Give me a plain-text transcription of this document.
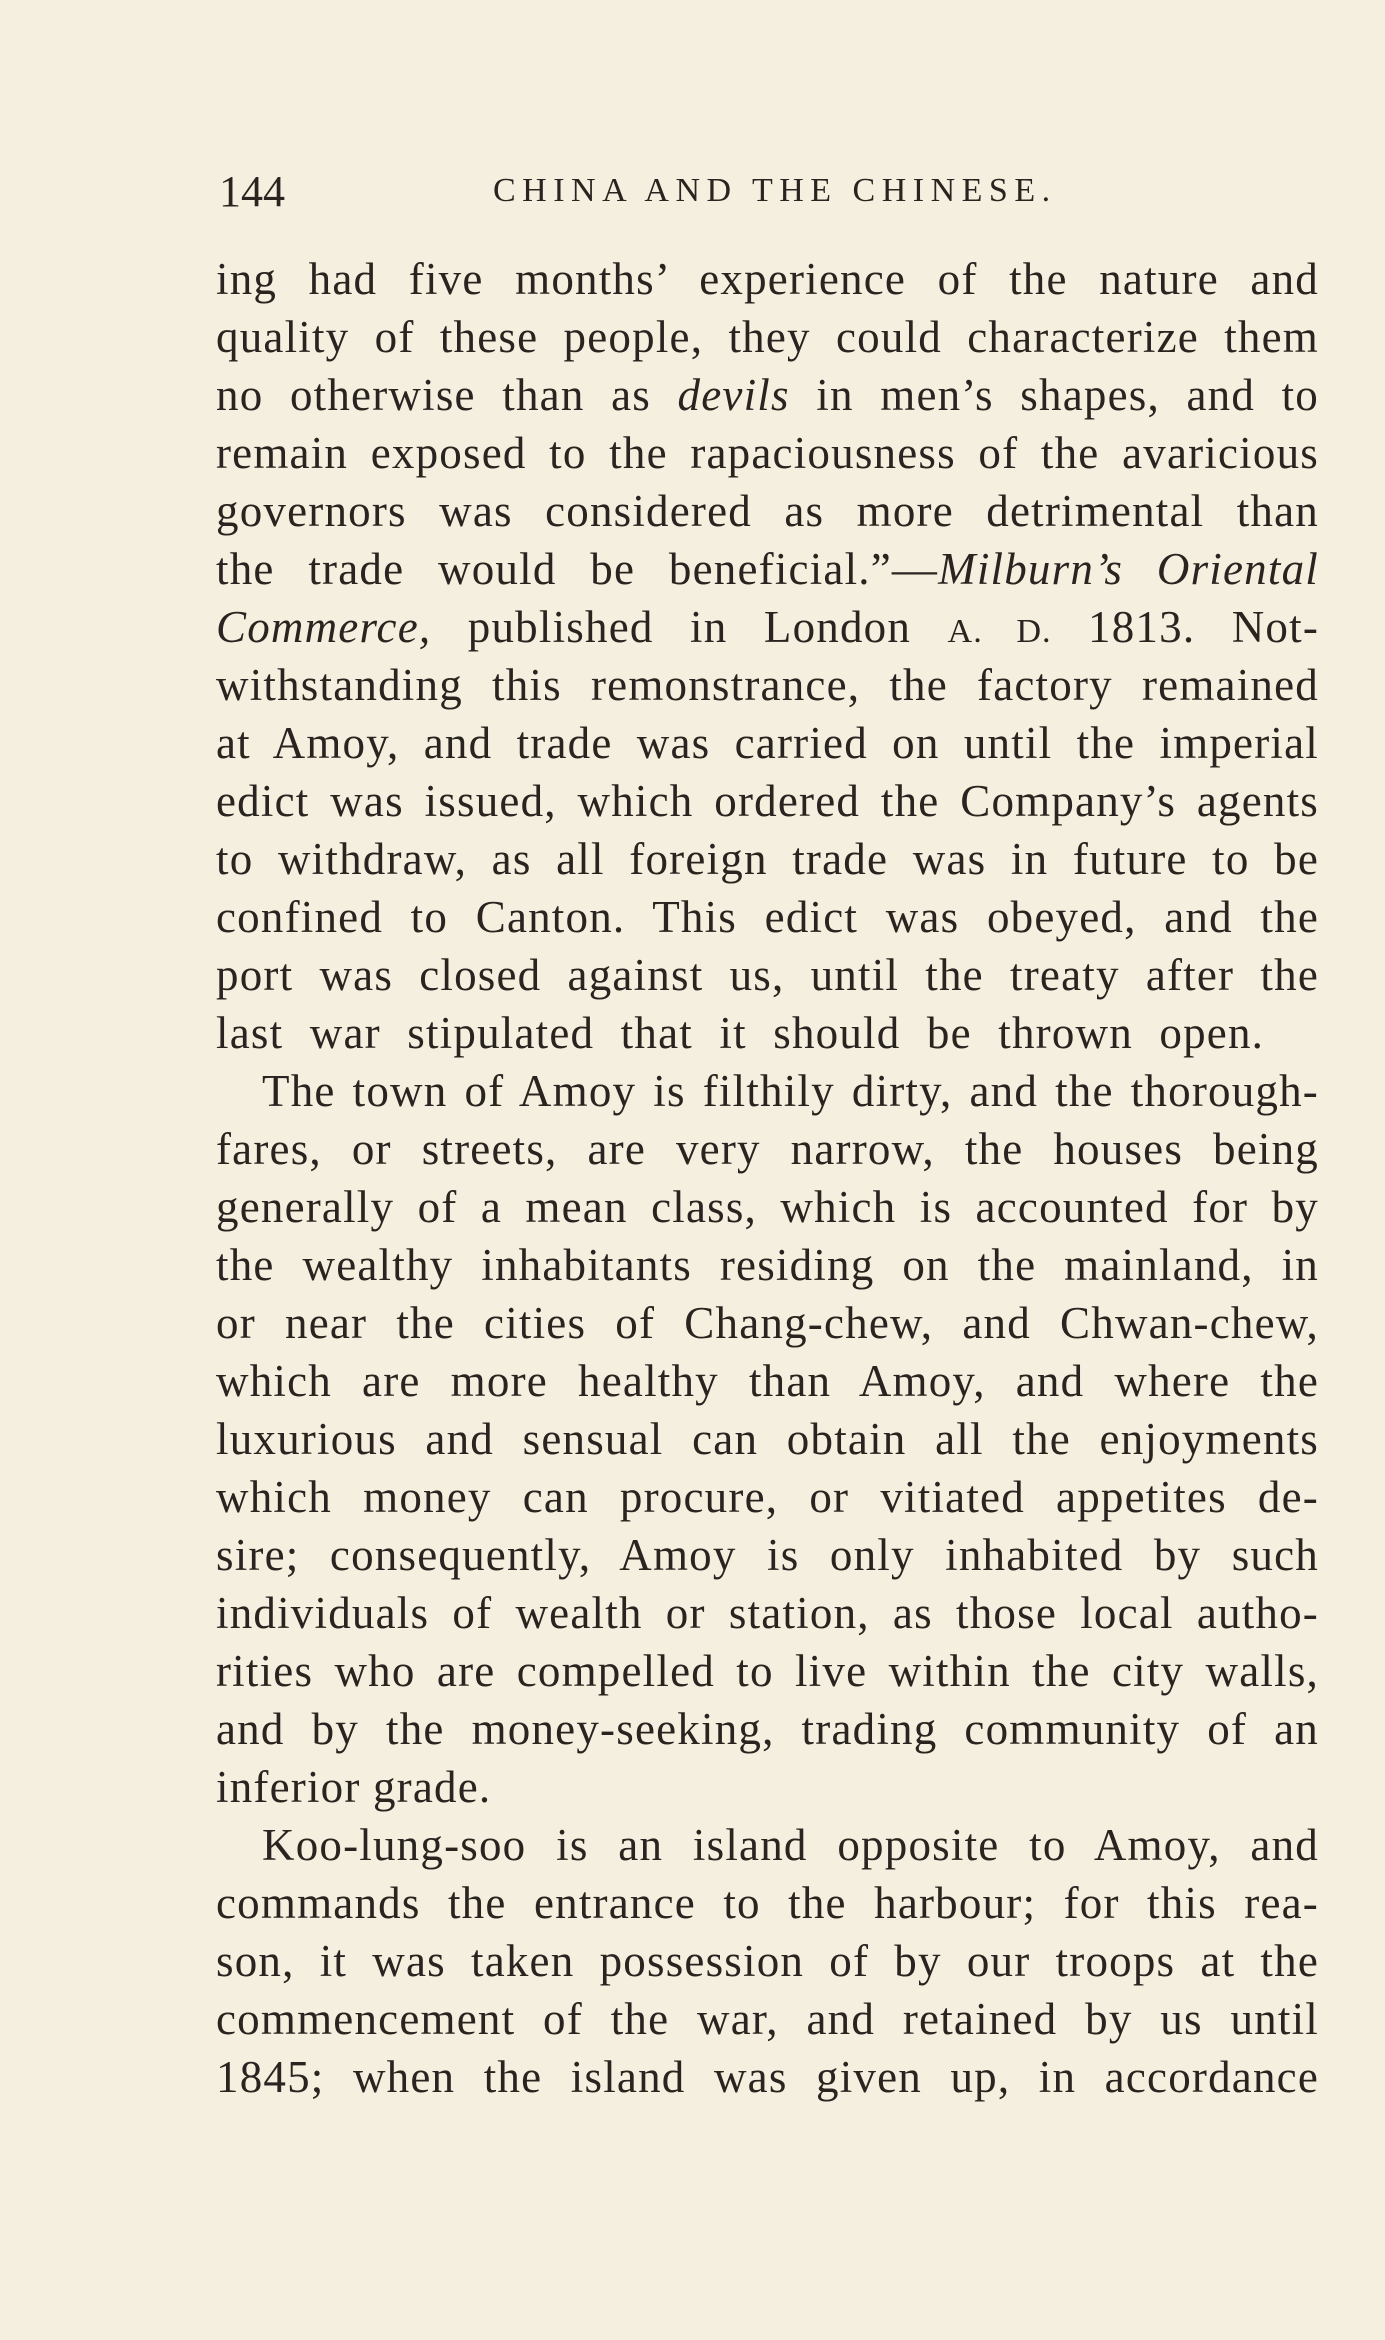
144	CHINA AND THE CHINESE.
ing had five months’ experience of the nature and
quality of these people, they could characterize them
no otherwise than as devils in men’s shapes, and to
remain exposed to the rapaciousness of the avaricious
governors was considered as more detrimental than
the trade would be beneficial.”—Milburn’s Oriental
Commerce, published in London A. D. 1813. Not-
withstanding this remonstrance, the factory remained
at Amoy, and trade was carried on until the imperial
edict was issued, which ordered the Company’s agents
to withdraw, as all foreign trade was in future to be
confined to Canton. This edict was obeyed, and the
port was closed against us, until the treaty after the
last war stipulated that it should be thrown open.
The town of Amoy is filthily dirty, and the thorough-
fares, or streets, are very narrow, the houses being
generally of a mean class, which is accounted for by
the wealthy inhabitants residing on the mainland, in
or near the cities of Chang-chew, and Chwan-chew,
which are more healthy than Amoy, and where the
luxurious and sensual can obtain all the enjoyments
which money can procure, or vitiated appetites de-
sire; consequently, Amoy is only inhabited by such
individuals of wealth or station, as those local autho-
rities who are compelled to live within the city walls,
and by the money-seeking, trading community of an
inferior grade.
Koo-lung-soo is an island opposite to Amoy, and
commands the entrance to the harbour; for this rea-
son, it was taken possession of by our troops at the
commencement of the war, and retained by us until
1845; when the island was given up, in accordance
